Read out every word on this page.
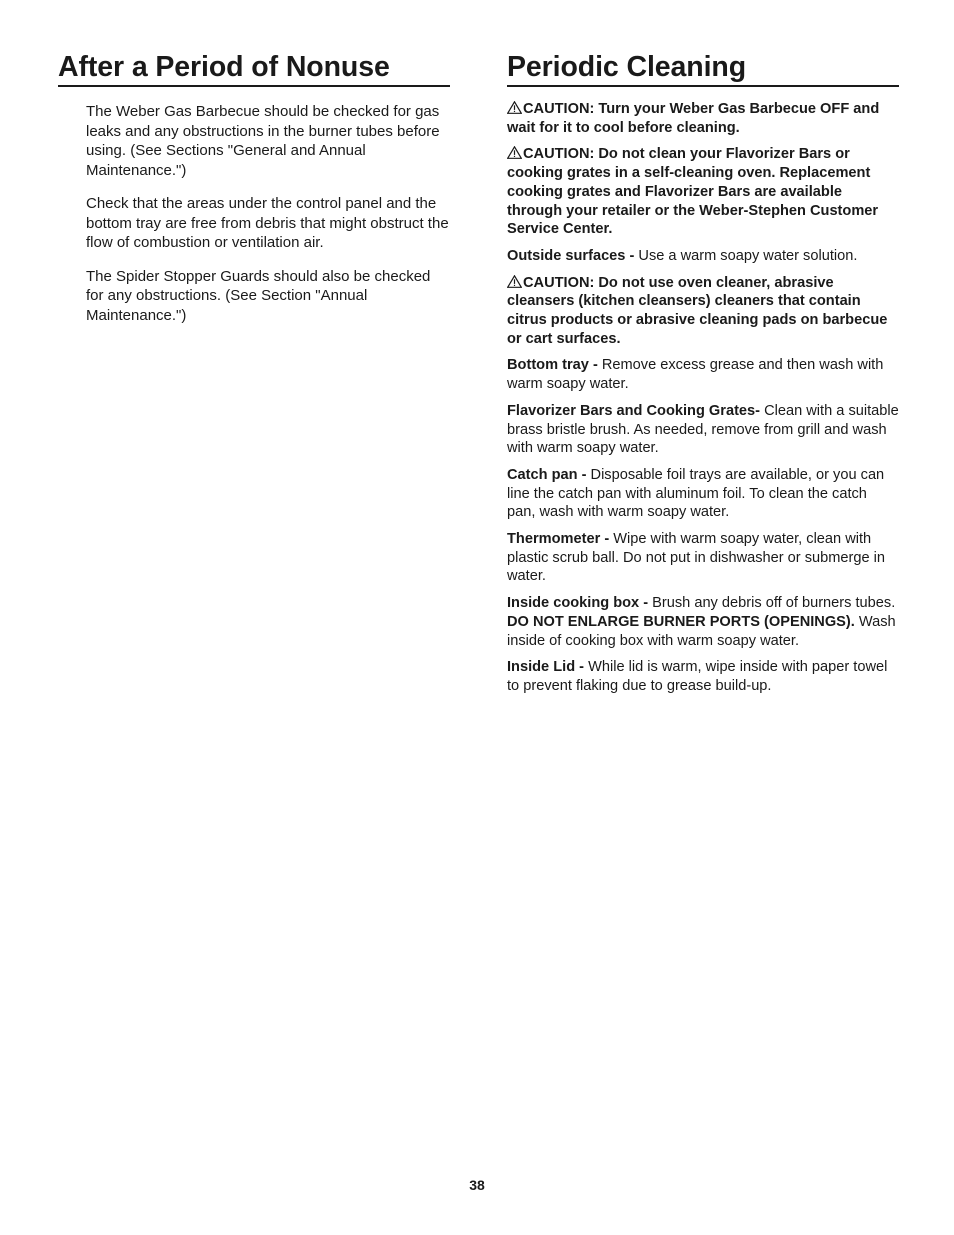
After a Period of Nonuse

The Weber Gas Barbecue should be checked for gas leaks and any obstructions in the burner tubes before using. (See Sections "General and Annual Maintenance.")

Check that the areas under the control panel and the bottom tray are free from debris that might obstruct the flow of combustion or ventilation air.

The Spider Stopper Guards should also be checked for any obstructions. (See Section "Annual Maintenance.")

Periodic Cleaning

CAUTION: Turn your Weber Gas Barbecue OFF and wait for it to cool before cleaning.

CAUTION: Do not clean your Flavorizer Bars or cooking grates in a self-cleaning oven. Replacement cooking grates and Flavorizer Bars are available through your retailer or the Weber-Stephen Customer Service Center.

Outside surfaces - Use a warm soapy water solution.

CAUTION: Do not use oven cleaner, abrasive cleansers (kitchen cleansers) cleaners that contain citrus products or abrasive cleaning pads on barbecue or cart surfaces.

Bottom tray - Remove excess grease and then wash with warm soapy water.

Flavorizer Bars and Cooking Grates- Clean with a suitable brass bristle brush. As needed, remove from grill and wash with warm soapy water.

Catch pan - Disposable foil trays are available, or you can line the catch pan with aluminum foil. To clean the catch pan, wash with warm soapy water.

Thermometer - Wipe with warm soapy water, clean with plastic scrub ball. Do not put in dishwasher or submerge in water.

Inside cooking box - Brush any debris off of burners tubes. DO NOT ENLARGE BURNER PORTS (OPENINGS). Wash inside of cooking box with warm soapy water.

Inside Lid - While lid is warm, wipe inside with paper towel to prevent flaking due to grease build-up.

38
